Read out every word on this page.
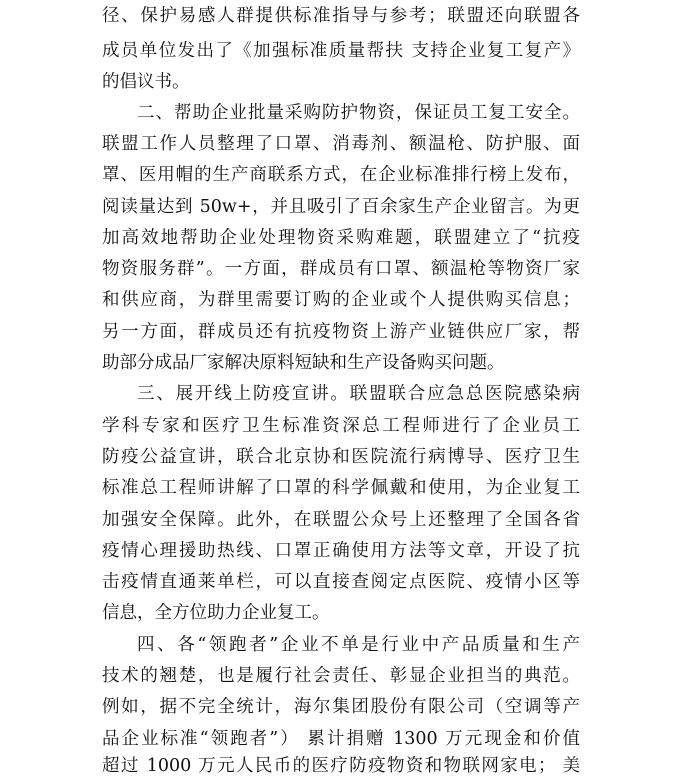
径、保护易感人群提供标准指导与参考；联盟还向联盟各
成员单位发出了《加强标准质量帮扶 支持企业复工复产》
的倡议书。
二、帮助企业批量采购防护物资，保证员工复工安全。
联盟工作人员整理了口罩、消毒剂、额温枪、防护服、面
罩、医用帽的生产商联系方式，在企业标准排行榜上发布，
阅读量达到 50w+，并且吸引了百余家生产企业留言。为更
加高效地帮助企业处理物资采购难题，联盟建立了“抗疫
物资服务群”。一方面，群成员有口罩、额温枪等物资厂家
和供应商，为群里需要订购的企业或个人提供购买信息；
另一方面，群成员还有抗疫物资上游产业链供应厂家，帮
助部分成品厂家解决原料短缺和生产设备购买问题。
三、展开线上防疫宣讲。联盟联合应急总医院感染病
学科专家和医疗卫生标准资深总工程师进行了企业员工
防疫公益宣讲，联合北京协和医院流行病博导、医疗卫生
标准总工程师讲解了口罩的科学佩戴和使用，为企业复工
加强安全保障。此外，在联盟公众号上还整理了全国各省
疫情心理援助热线、口罩正确使用方法等文章，开设了抗
击疫情直通莱单栏，可以直接查阅定点医院、疫情小区等
信息，全方位助力企业复工。
四、各“领跑者”企业不单是行业中产品质量和生产
技术的翘楚，也是履行社会责任、彰显企业担当的典范。
例如，据不完全统计，海尔集团股份有限公司（空调等产
品企业标准“领跑者”） 累计捐赠 1300 万元现金和价值
超过 1000 万元人民币的医疗防疫物资和物联网家电； 美
